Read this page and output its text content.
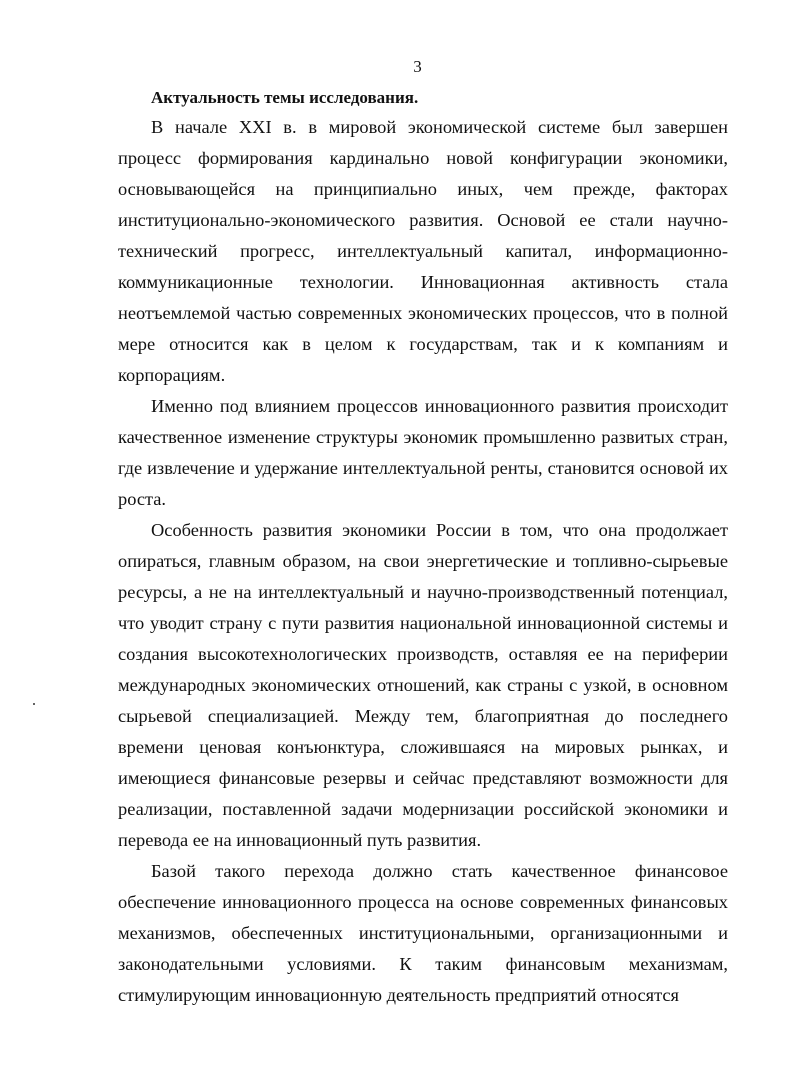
3
Актуальность темы исследования.

В начале XXI в. в мировой экономической системе был завершен процесс формирования кардинально новой конфигурации экономики, основывающейся на принципиально иных, чем прежде, факторах институционально-экономического развития. Основой ее стали научно-технический прогресс, интеллектуальный капитал, информационно-коммуникационные технологии. Инновационная активность стала неотъемлемой частью современных экономических процессов, что в полной мере относится как в целом к государствам, так и к компаниям и корпорациям.

Именно под влиянием процессов инновационного развития происходит качественное изменение структуры экономик промышленно развитых стран, где извлечение и удержание интеллектуальной ренты, становится основой их роста.

Особенность развития экономики России в том, что она продолжает опираться, главным образом, на свои энергетические и топливно-сырьевые ресурсы, а не на интеллектуальный и научно-производственный потенциал, что уводит страну с пути развития национальной инновационной системы и создания высокотехнологических производств, оставляя ее на периферии международных экономических отношений, как страны с узкой, в основном сырьевой специализацией. Между тем, благоприятная до последнего времени ценовая конъюнктура, сложившаяся на мировых рынках, и имеющиеся финансовые резервы и сейчас представляют возможности для реализации, поставленной задачи модернизации российской экономики и перевода ее на инновационный путь развития.

Базой такого перехода должно стать качественное финансовое обеспечение инновационного процесса на основе современных финансовых механизмов, обеспеченных институциональными, организационными и законодательными условиями. К таким финансовым механизмам, стимулирующим инновационную деятельность предприятий относятся
